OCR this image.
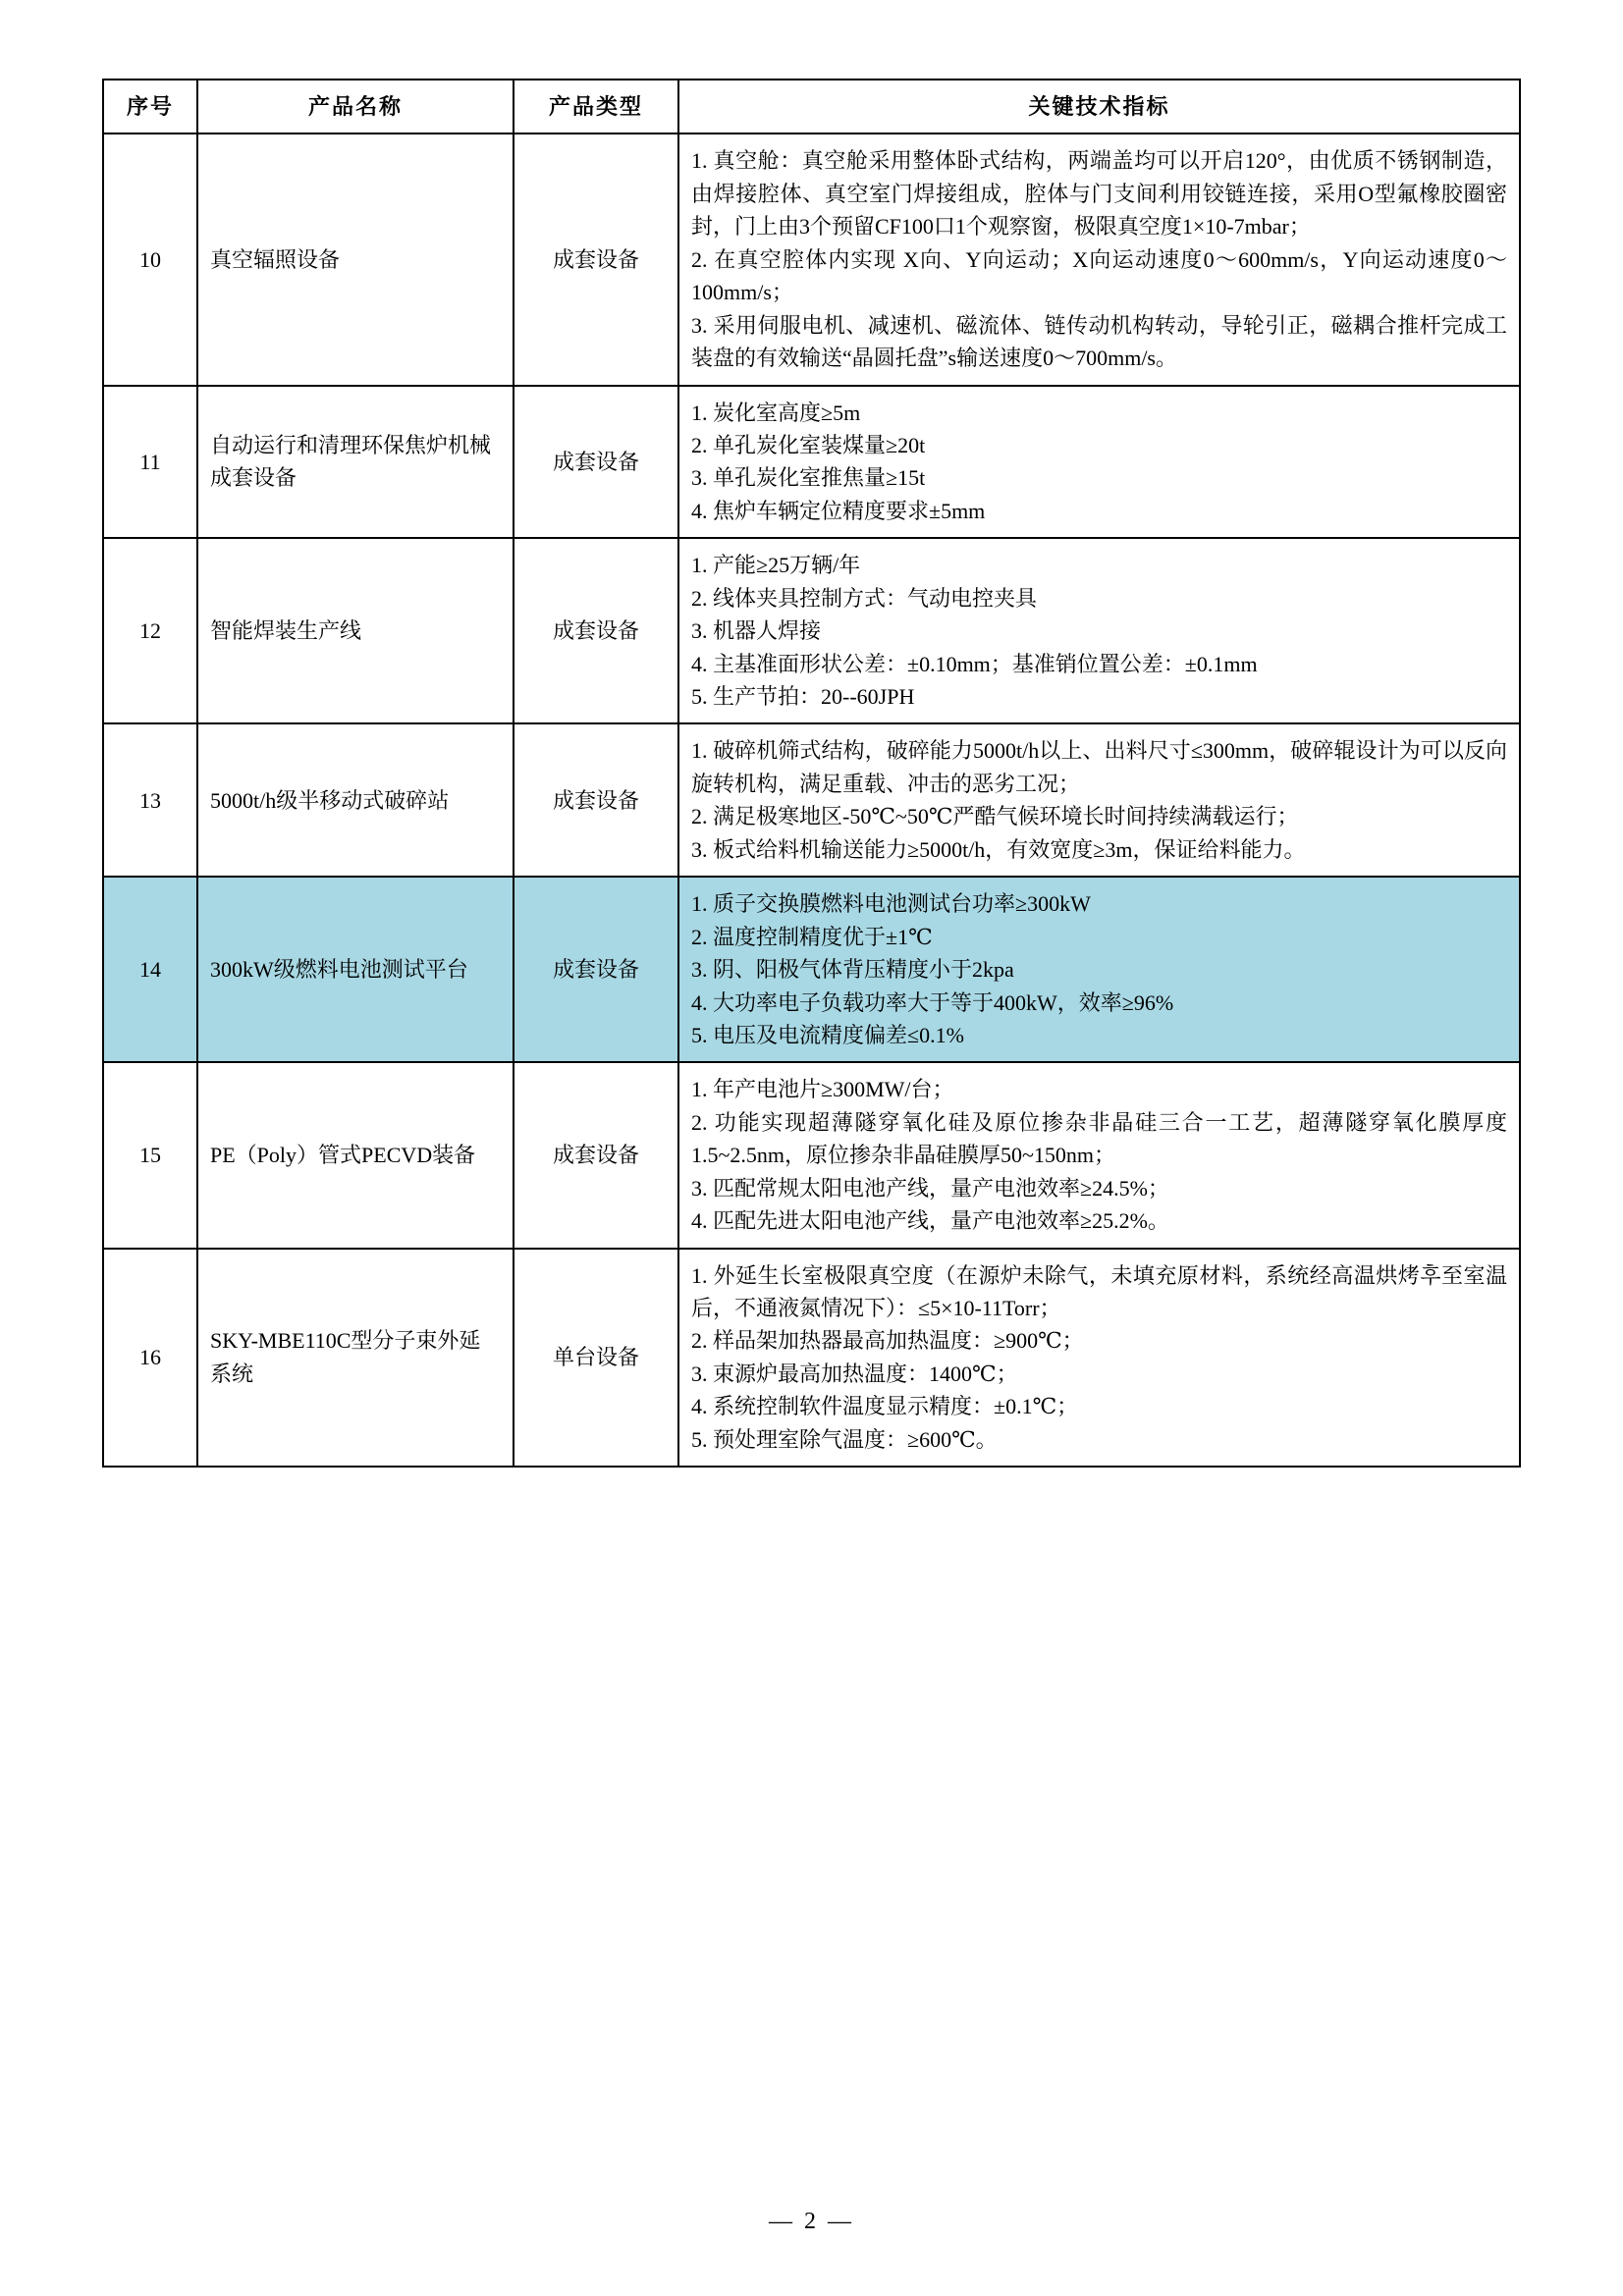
序号	产品名称	产品类型	关键技术指标
10	真空辐照设备	成套设备	1. 真空舱：真空舱采用整体卧式结构，两端盖均可以开启120°，由优质不锈钢制造，由焊接腔体、真空室门焊接组成，腔体与门支间利用铰链连接，采用O型氟橡胶圈密封，门上由3个预留CF100口1个观察窗，极限真空度1×10-7mbar；
2. 在真空腔体内实现 X向、Y向运动；X向运动速度0～600mm/s，Y向运动速度0～100mm/s；
3. 采用伺服电机、减速机、磁流体、链传动机构转动，导轮引正，磁耦合推杆完成工装盘的有效输送“晶圆托盘”s输送速度0～700mm/s。

11	自动运行和清理环保焦炉机械成套设备	成套设备	1. 炭化室高度≥5m
2. 单孔炭化室装煤量≥20t
3. 单孔炭化室推焦量≥15t
4. 焦炉车辆定位精度要求±5mm

12	智能焊装生产线	成套设备	1. 产能≥25万辆/年
2. 线体夹具控制方式：气动电控夹具
3. 机器人焊接
4. 主基准面形状公差：±0.10mm；基准销位置公差：±0.1mm
5. 生产节拍：20--60JPH

13	5000t/h级半移动式破碎站	成套设备	1. 破碎机筛式结构，破碎能力5000t/h以上、出料尺寸≤300mm，破碎辊设计为可以反向旋转机构，满足重载、冲击的恶劣工况；
2. 满足极寒地区-50℃~50℃严酷气候环境长时间持续满载运行；
3. 板式给料机输送能力≥5000t/h，有效宽度≥3m，保证给料能力。

14	300kW级燃料电池测试平台	成套设备	1. 质子交换膜燃料电池测试台功率≥300kW
2. 温度控制精度优于±1℃
3. 阴、阳极气体背压精度小于2kpa
4. 大功率电子负载功率大于等于400kW，效率≥96%
5. 电压及电流精度偏差≤0.1%

15	PE（Poly）管式PECVD装备	成套设备	1. 年产电池片≥300MW/台；
2. 功能实现超薄隧穿氧化硅及原位掺杂非晶硅三合一工艺，超薄隧穿氧化膜厚度1.5~2.5nm，原位掺杂非晶硅膜厚50~150nm；
3. 匹配常规太阳电池产线，量产电池效率≥24.5%；
4. 匹配先进太阳电池产线，量产电池效率≥25.2%。

16	SKY-MBE110C型分子束外延系统	单台设备	1. 外延生长室极限真空度（在源炉未除气，未填充原材料，系统经高温烘烤후至室温后，不通液氮情况下）：≤5×10-11Torr；
2. 样品架加热器最高加热温度：≥900℃；
3. 束源炉最高加热温度：1400℃；
4. 系统控制软件温度显示精度：±0.1℃；
5. 预处理室除气温度：≥600℃。
— 2 —
